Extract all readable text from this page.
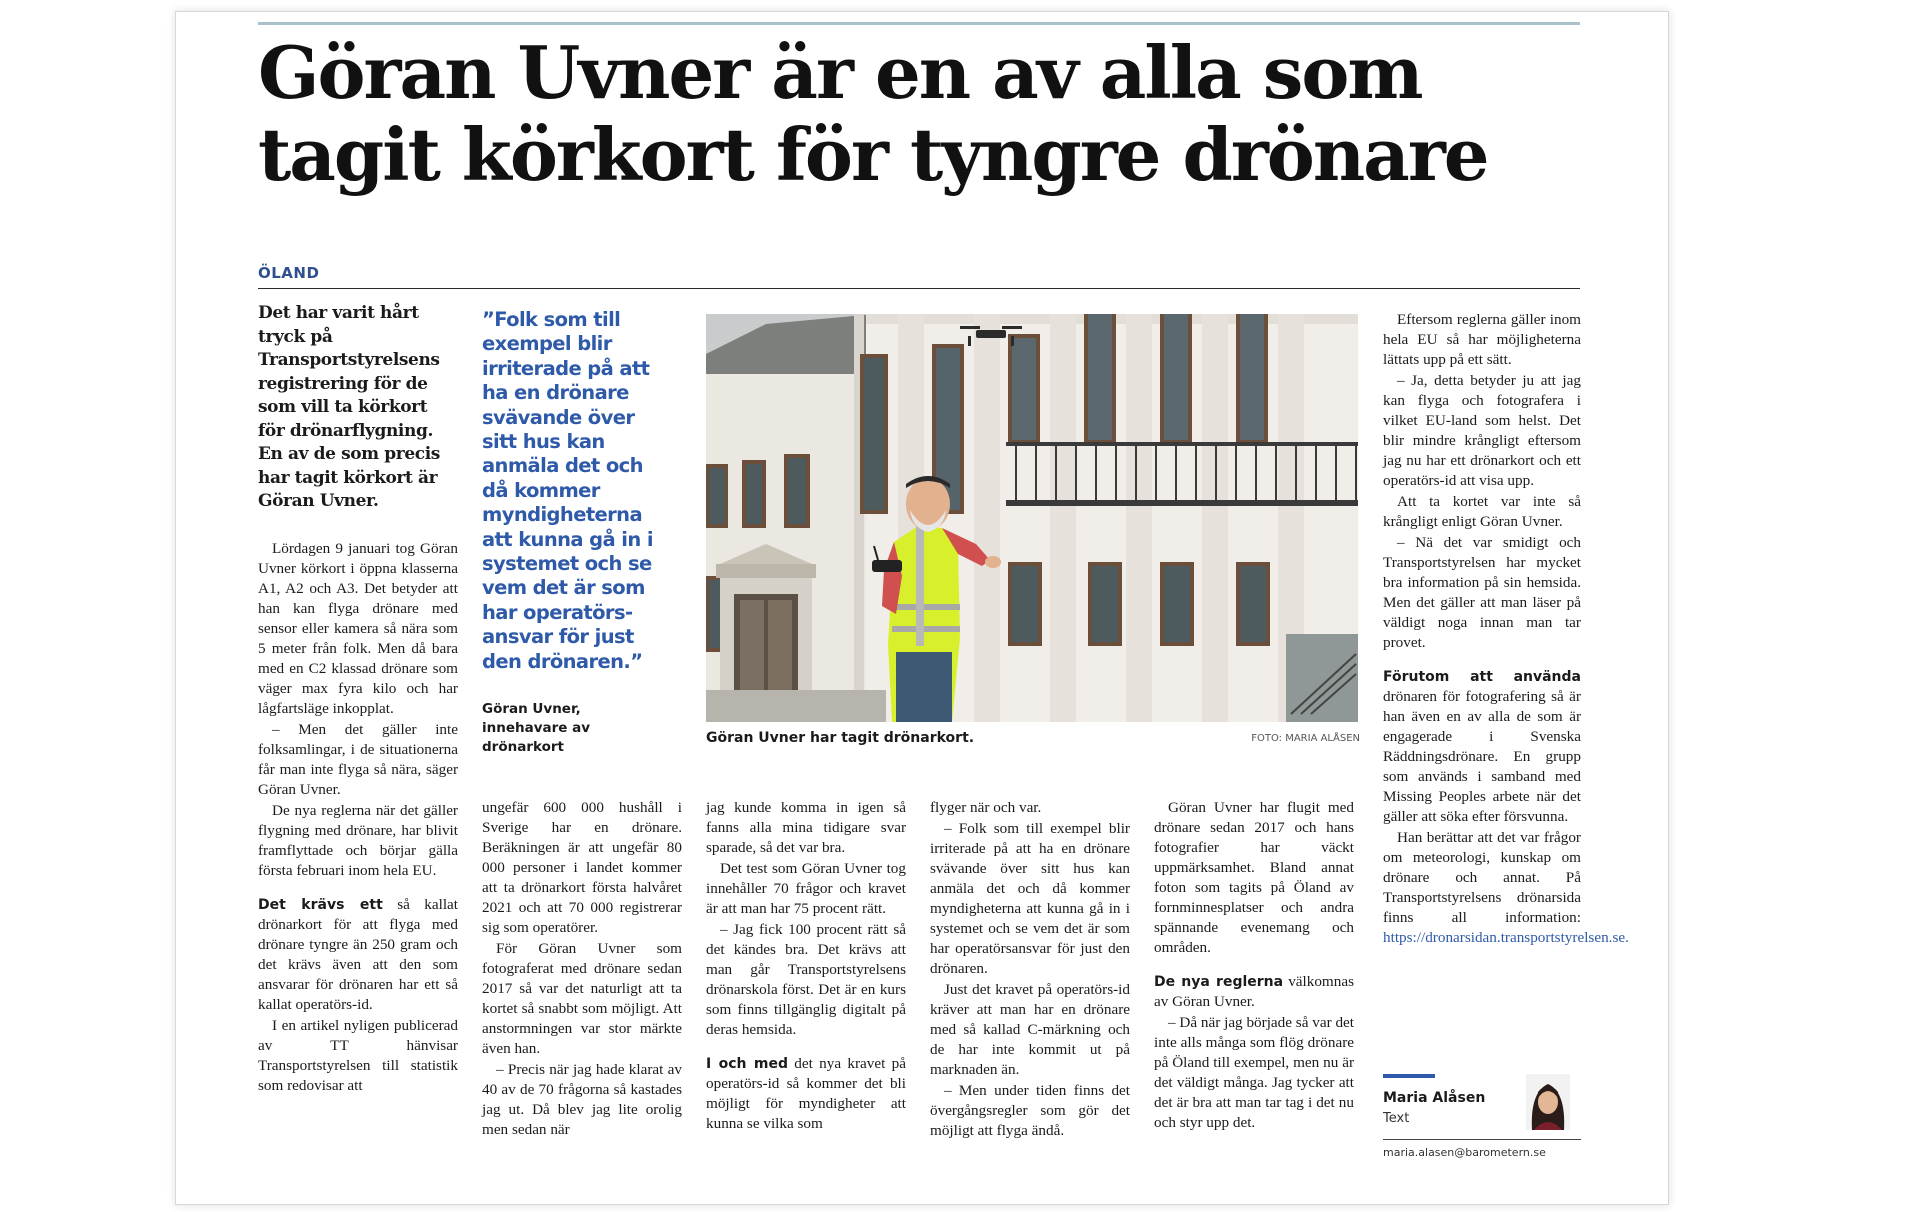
Göran Uvner är en av alla som
tagit körkort för tyngre drönare
ÖLAND
Det har varit hårt tryck på Transportstyrelsens registrering för de som vill ta körkort för drönarflygning. En av de som precis har tagit körkort är Göran Uvner.
”Folk som till exempel blir irriterade på att ha en drönare svävande över sitt hus kan anmäla det och då kommer myndigheterna att kunna gå in i systemet och se vem det är som har operatörs-ansvar för just den drönaren.”
Göran Uvner,
innehavare av drönarkort
Göran Uvner har tagit drönarkort.	FOTO: MARIA ALÅSEN

Lördagen 9 januari tog Göran Uvner körkort i öppna klasserna A1, A2 och A3. Det betyder att han kan flyga drönare med sensor eller kamera så nära som 5 meter från folk. Men då bara med en C2 klassad drönare som väger max fyra kilo och har lågfartsläge inkopplat.

– Men det gäller inte folksamlingar, i de situationerna får man inte flyga så nära, säger Göran Uvner.

De nya reglerna när det gäller flygning med drönare, har blivit framflyttade och börjar gälla första februari inom hela EU.

Det krävs ett så kallat drönarkort för att flyga med drönare tyngre än 250 gram och det krävs även att den som ansvarar för drönaren har ett så kallat operatörs-id.

I en artikel nyligen publicerad av TT hänvisar Transportstyrelsen till statistik som redovisar att

ungefär 600 000 hushåll i Sverige har en drönare. Beräkningen är att ungefär 80 000 personer i landet kommer att ta drönarkort första halvåret 2021 och att 70 000 registrerar sig som operatörer.

För Göran Uvner som fotograferat med drönare sedan 2017 så var det naturligt att ta kortet så snabbt som möjligt. Att anstormningen var stor märkte även han.

– Precis när jag hade klarat av 40 av de 70 frågorna så kastades jag ut. Då blev jag lite orolig men sedan när

jag kunde komma in igen så fanns alla mina tidigare svar sparade, så det var bra.

Det test som Göran Uvner tog innehåller 70 frågor och kravet är att man har 75 procent rätt.

– Jag fick 100 procent rätt så det kändes bra. Det krävs att man går Transportstyrelsens drönarskola först. Det är en kurs som finns tillgänglig digitalt på deras hemsida.

I och med det nya kravet på operatörs-id så kommer det bli möjligt för myndigheter att kunna se vilka som

flyger när och var.

– Folk som till exempel blir irriterade på att ha en drönare svävande över sitt hus kan anmäla det och då kommer myndigheterna att kunna gå in i systemet och se vem det är som har operatörsansvar för just den drönaren.

Just det kravet på operatörs-id kräver att man har en drönare med så kallad C-märkning och de har inte kommit ut på marknaden än.

– Men under tiden finns det övergångsregler som gör det möjligt att flyga ändå.

Göran Uvner har flugit med drönare sedan 2017 och hans fotografier har väckt uppmärksamhet. Bland annat foton som tagits på Öland av fornminnesplatser och andra spännande evenemang och områden.

De nya reglerna välkomnas av Göran Uvner.

– Då när jag började så var det inte alls många som flög drönare på Öland till exempel, men nu är det väldigt många. Jag tycker att det är bra att man tar tag i det nu och styr upp det.

Eftersom reglerna gäller inom hela EU så har möjligheterna lättats upp på ett sätt.

– Ja, detta betyder ju att jag kan flyga och fotografera i vilket EU-land som helst. Det blir mindre krångligt eftersom jag nu har ett drönarkort och ett operatörs-id att visa upp.

Att ta kortet var inte så krångligt enligt Göran Uvner.

– Nä det var smidigt och Transportstyrelsen har mycket bra information på sin hemsida. Men det gäller att man läser på väldigt noga innan man tar provet.

Förutom att använda drönaren för fotografering så är han även en av alla de som är engagerade i Svenska Räddningsdrönare. En grupp som används i samband med Missing Peoples arbete när det gäller att söka efter försvunna.

Han berättar att det var frågor om meteorologi, kunskap om drönare och annat. På Transportstyrelsens drönarsida finns all information: https://dronarsidan.transportstyrelsen.se.

Maria Alåsen
Text
maria.alasen@barometern.se
